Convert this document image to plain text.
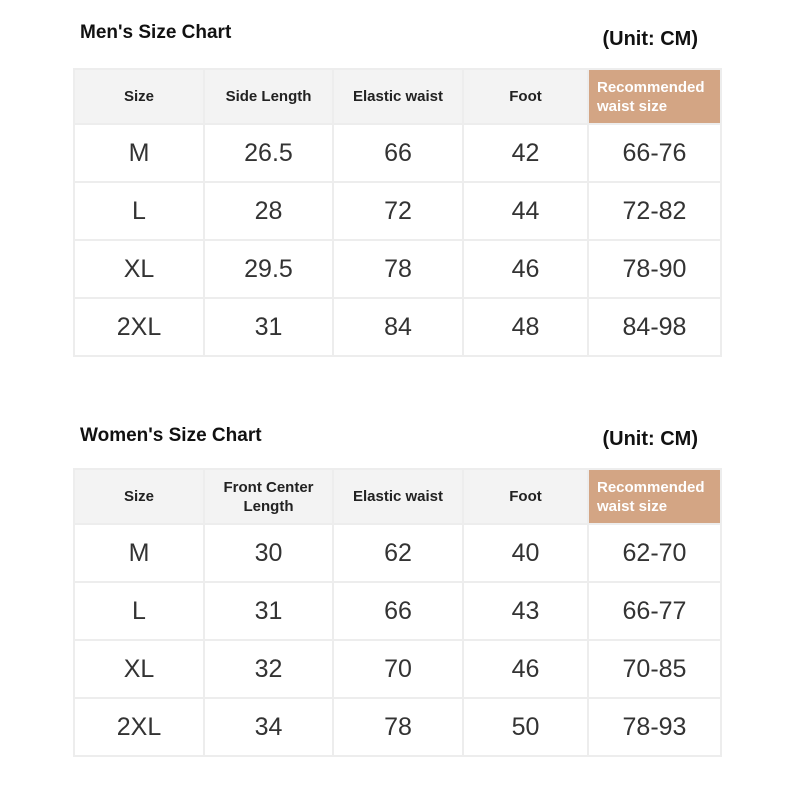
Men's Size Chart	(Unit: CM)
Size	Side Length	Elastic waist	Foot	Recommended waist size
M	26.5	66	42	66-76
L	28	72	44	72-82
XL	29.5	78	46	78-90
2XL	31	84	48	84-98
Women's Size Chart	(Unit: CM)
Size	Front Center Length	Elastic waist	Foot	Recommended waist size
M	30	62	40	62-70
L	31	66	43	66-77
XL	32	70	46	70-85
2XL	34	78	50	78-93
